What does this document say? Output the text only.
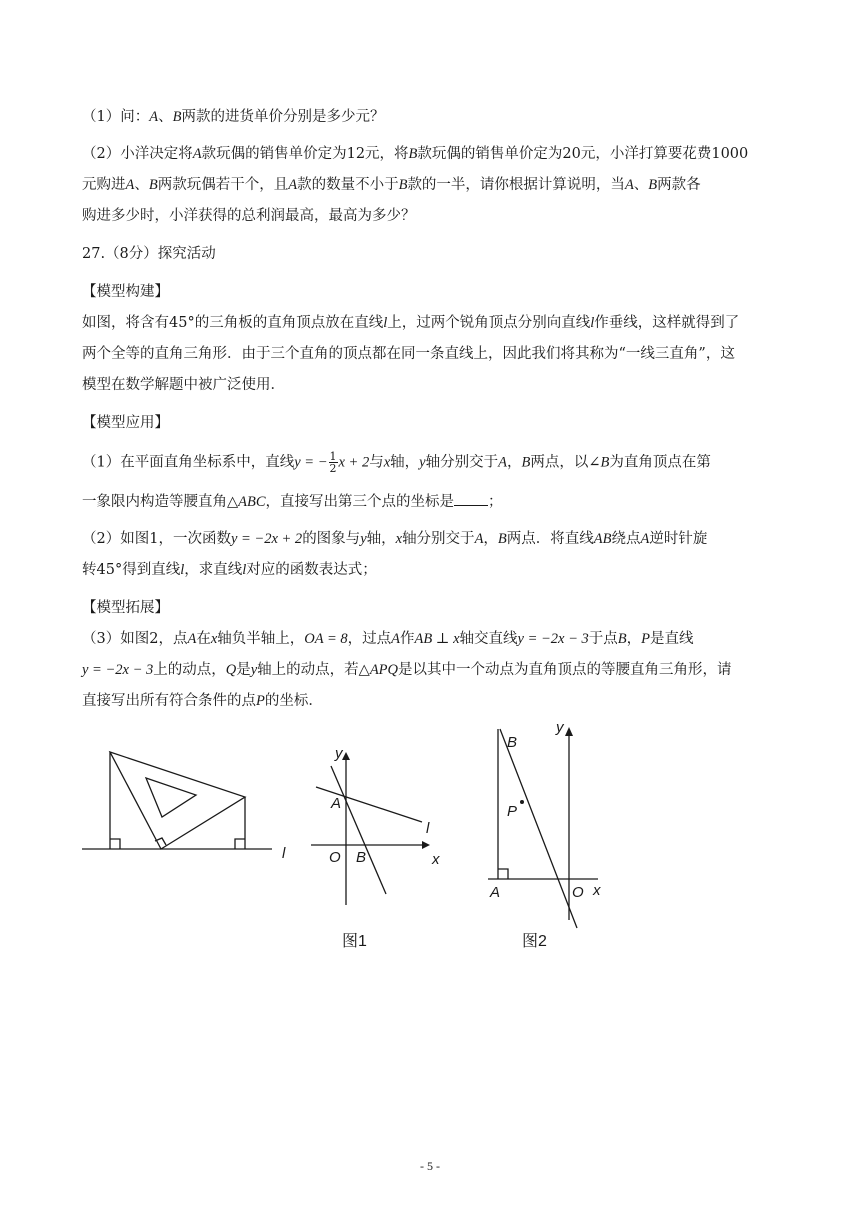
（1）问：A、B两款的进货单价分别是多少元？
（2）小洋决定将A款玩偶的销售单价定为12元，将B款玩偶的销售单价定为20元，小洋打算要花费1000
元购进A、B两款玩偶若干个，且A款的数量不小于B款的一半，请你根据计算说明，当A、B两款各
购进多少时，小洋获得的总利润最高，最高为多少？
27.（8分）探究活动
【模型构建】
如图，将含有45°的三角板的直角顶点放在直线l上，过两个锐角顶点分别向直线l作垂线，这样就得到了
两个全等的直角三角形．由于三个直角的顶点都在同一条直线上，因此我们将其称为“一线三直角”，这
模型在数学解题中被广泛使用．
【模型应用】
（1）在平面直角坐标系中，直线y = − $\frac{1}{2}$ x + 2与x轴，y轴分别交于A，B两点，以∠B为直角顶点在第
一象限内构造等腰直角△ABC，直接写出第三个点的坐标是 ；
（2）如图1，一次函数y = −2x + 2的图象与y轴，x轴分别交于A，B两点．将直线AB绕点A逆时针旋
转45°得到直线l，求直线l对应的函数表达式；
【模型拓展】
（3）如图2，点A在x轴负半轴上，OA = 8，过点A作AB ⊥ x轴交直线y = −2x − 3于点B，P是直线
y = −2x − 3上的动点，Q是y轴上的动点，若△APQ是以其中一个动点为直角顶点的等腰直角三角形，请
直接写出所有符合条件的点P的坐标．
l
y
A
l
O B	x
图1
y
B
P
A	O x
图2
- 5 -
